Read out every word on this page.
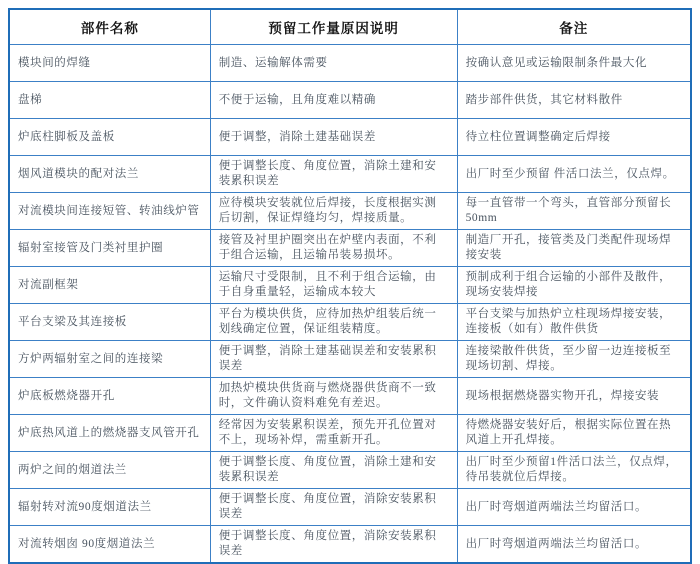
部件名称	预留工作量原因说明	备注
模块间的焊缝	制造、运输解体需要	按确认意见或运输限制条件最大化
盘梯	不便于运输，且角度难以精确	踏步部件供货，其它材料散件
炉底柱脚板及盖板	便于调整，消除土建基础误差	待立柱位置调整确定后焊接
烟风道模块的配对法兰	便于调整长度、角度位置，消除土建和安装累积误差	出厂时至少预留 件活口法兰，仅点焊。
对流模块间连接短管、转油线炉管	应待模块安装就位后焊接，长度根据实测后切割，保证焊缝均匀，焊接质量。	每一直管带一个弯头，直管部分预留长50mm
辐射室接管及门类衬里护圈	接管及衬里护圈突出在炉壁内表面，不利于组合运输，且运输吊装易损坏。	制造厂开孔，接管类及门类配件现场焊接安装
对流副框架	运输尺寸受限制，且不利于组合运输，由于自身重量轻，运输成本较大	预制成利于组合运输的小部件及散件，现场安装焊接
平台支梁及其连接板	平台为模块供货，应待加热炉组装后统一划线确定位置，保证组装精度。	平台支梁与加热炉立柱现场焊接安装，连接板（如有）散件供货
方炉两辐射室之间的连接梁	便于调整，消除土建基础误差和安装累积误差	连接梁散件供货，至少留一边连接板至现场切割、焊接。
炉底板燃烧器开孔	加热炉模块供货商与燃烧器供货商不一致时，文件确认资料难免有差迟。	现场根据燃烧器实物开孔，焊接安装
炉底热风道上的燃烧器支风管开孔	经常因为安装累积误差，预先开孔位置对不上，现场补焊，需重新开孔。	待燃烧器安装好后，根据实际位置在热风道上开孔焊接。
两炉之间的烟道法兰	便于调整长度、角度位置，消除土建和安装累积误差	出厂时至少预留1件活口法兰，仅点焊，待吊装就位后焊接。
辐射转对流90度烟道法兰	便于调整长度、角度位置，消除安装累积误差	出厂时弯烟道两端法兰均留活口。
对流转烟囱 90度烟道法兰	便于调整长度、角度位置，消除安装累积误差	出厂时弯烟道两端法兰均留活口。
